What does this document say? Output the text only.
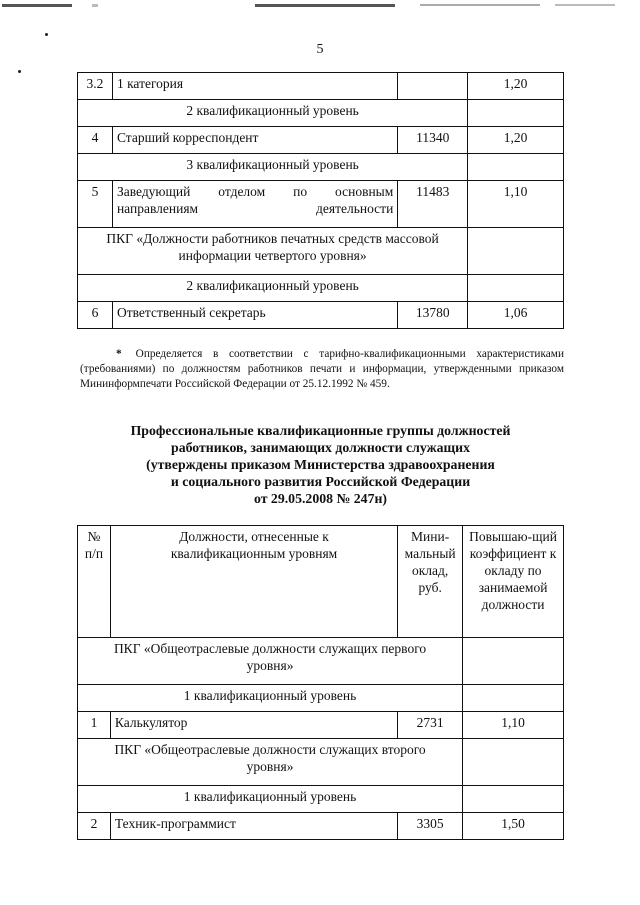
5
3.2	1 категория		1,20
2 квалификационный уровень			
4	Старший корреспондент	11340	1,20
3 квалификационный уровень			
5	Заведующий отделом по основным направлениям деятельности	11483	1,10
ПКГ «Должности работников печатных средств массовой информации четвертого уровня»			
2 квалификационный уровень			
6	Ответственный секретарь	13780	1,06
* Определяется в соответствии с тарифно-квалификационными характеристиками (требованиями) по должностям работников печати и информации, утвержденными приказом Мининформпечати Российской Федерации от 25.12.1992 № 459.
Профессиональные квалификационные группы должностей
работников, занимающих должности служащих
(утверждены приказом Министерства здравоохранения
и социального развития Российской Федерации
от 29.05.2008 № 247н)
№ п/п	Должности, отнесенные к квалификационным уровням	Мини-мальный оклад, руб.	Повышаю-щий коэффициент к окладу по занимаемой должности
ПКГ «Общеотраслевые должности служащих первого уровня»			
1 квалификационный уровень			
1	Калькулятор	2731	1,10
ПКГ «Общеотраслевые должности служащих второго уровня»			
1 квалификационный уровень			
2	Техник-программист	3305	1,50
